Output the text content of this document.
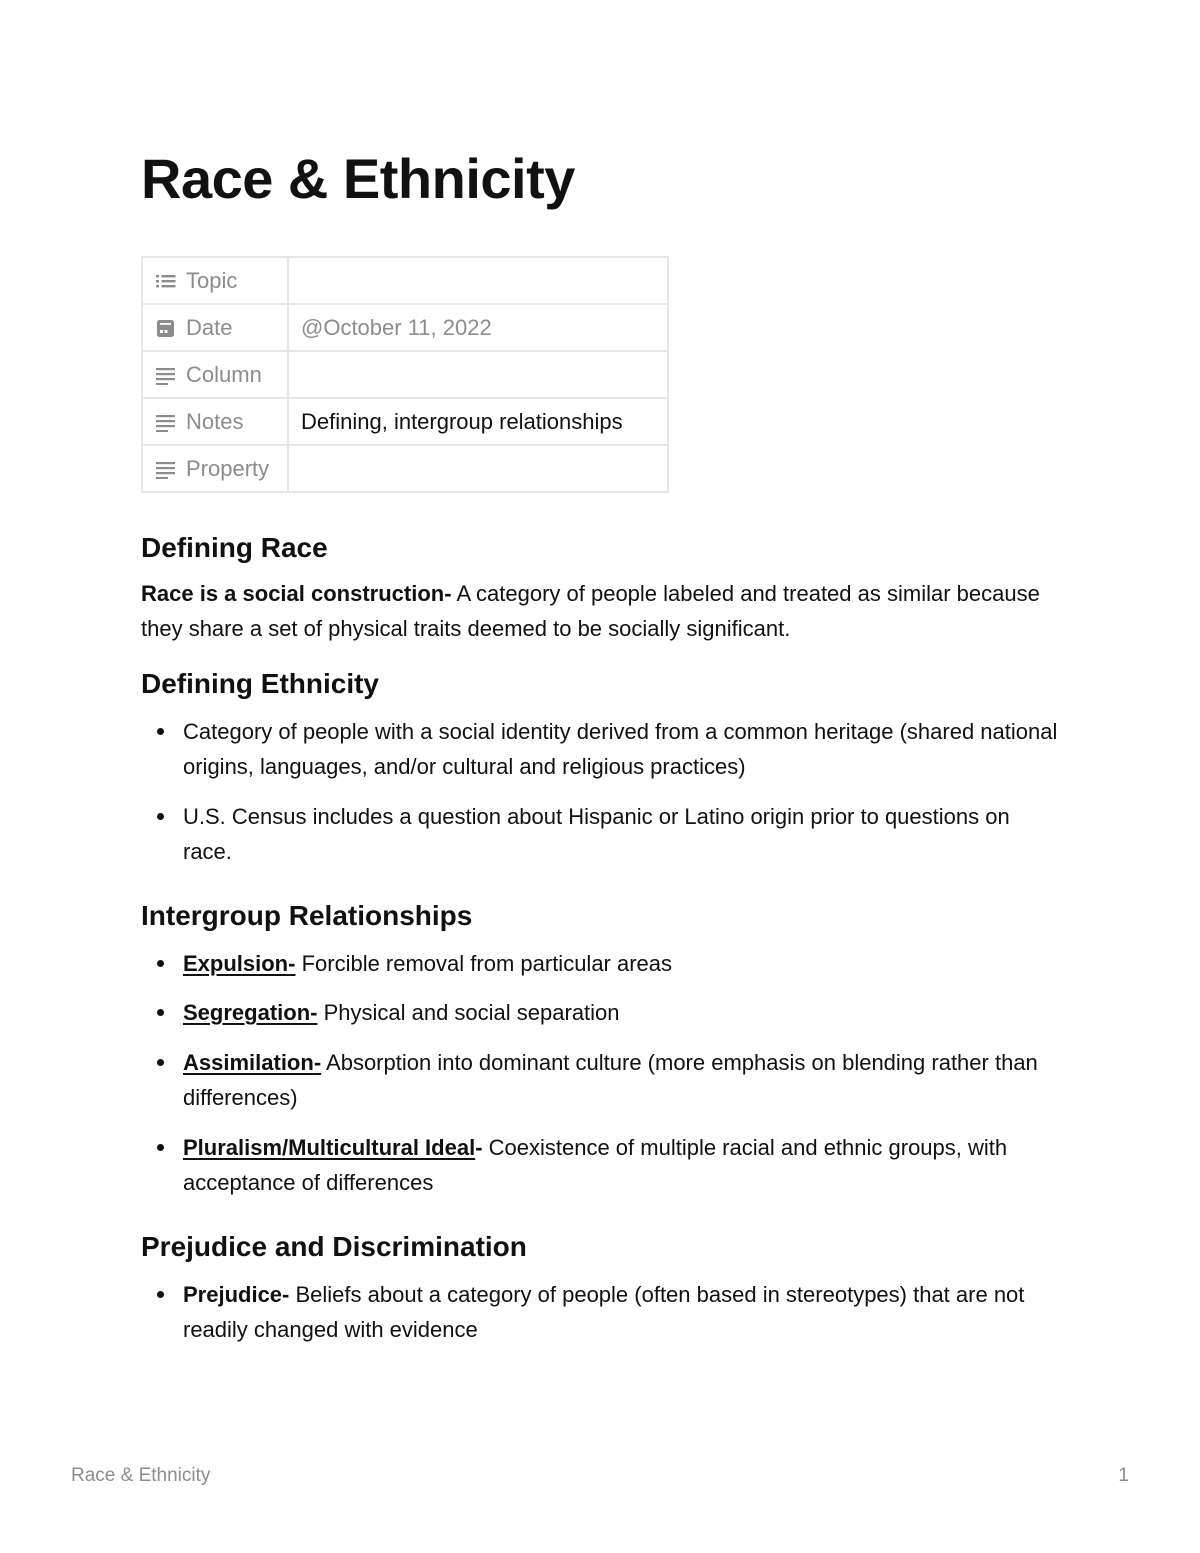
Race & Ethnicity
Topic	

Date	@October 11, 2022

Column	

Notes	Defining, intergroup relationships

Property	

Defining Race

Race is a social construction- A category of people labeled and treated as similar because they share a set of physical traits deemed to be socially significant.

Defining Ethnicity
Category of people with a social identity derived from a common heritage (shared national origins, languages, and/or cultural and religious practices)
U.S. Census includes a question about Hispanic or Latino origin prior to questions on race.
Intergroup Relationships
Expulsion- Forcible removal from particular areas
Segregation- Physical and social separation
Assimilation- Absorption into dominant culture (more emphasis on blending rather than differences)
Pluralism/Multicultural Ideal- Coexistence of multiple racial and ethnic groups, with acceptance of differences
Prejudice and Discrimination
Prejudice- Beliefs about a category of people (often based in stereotypes) that are not readily changed with evidence
Race & Ethnicity	1
